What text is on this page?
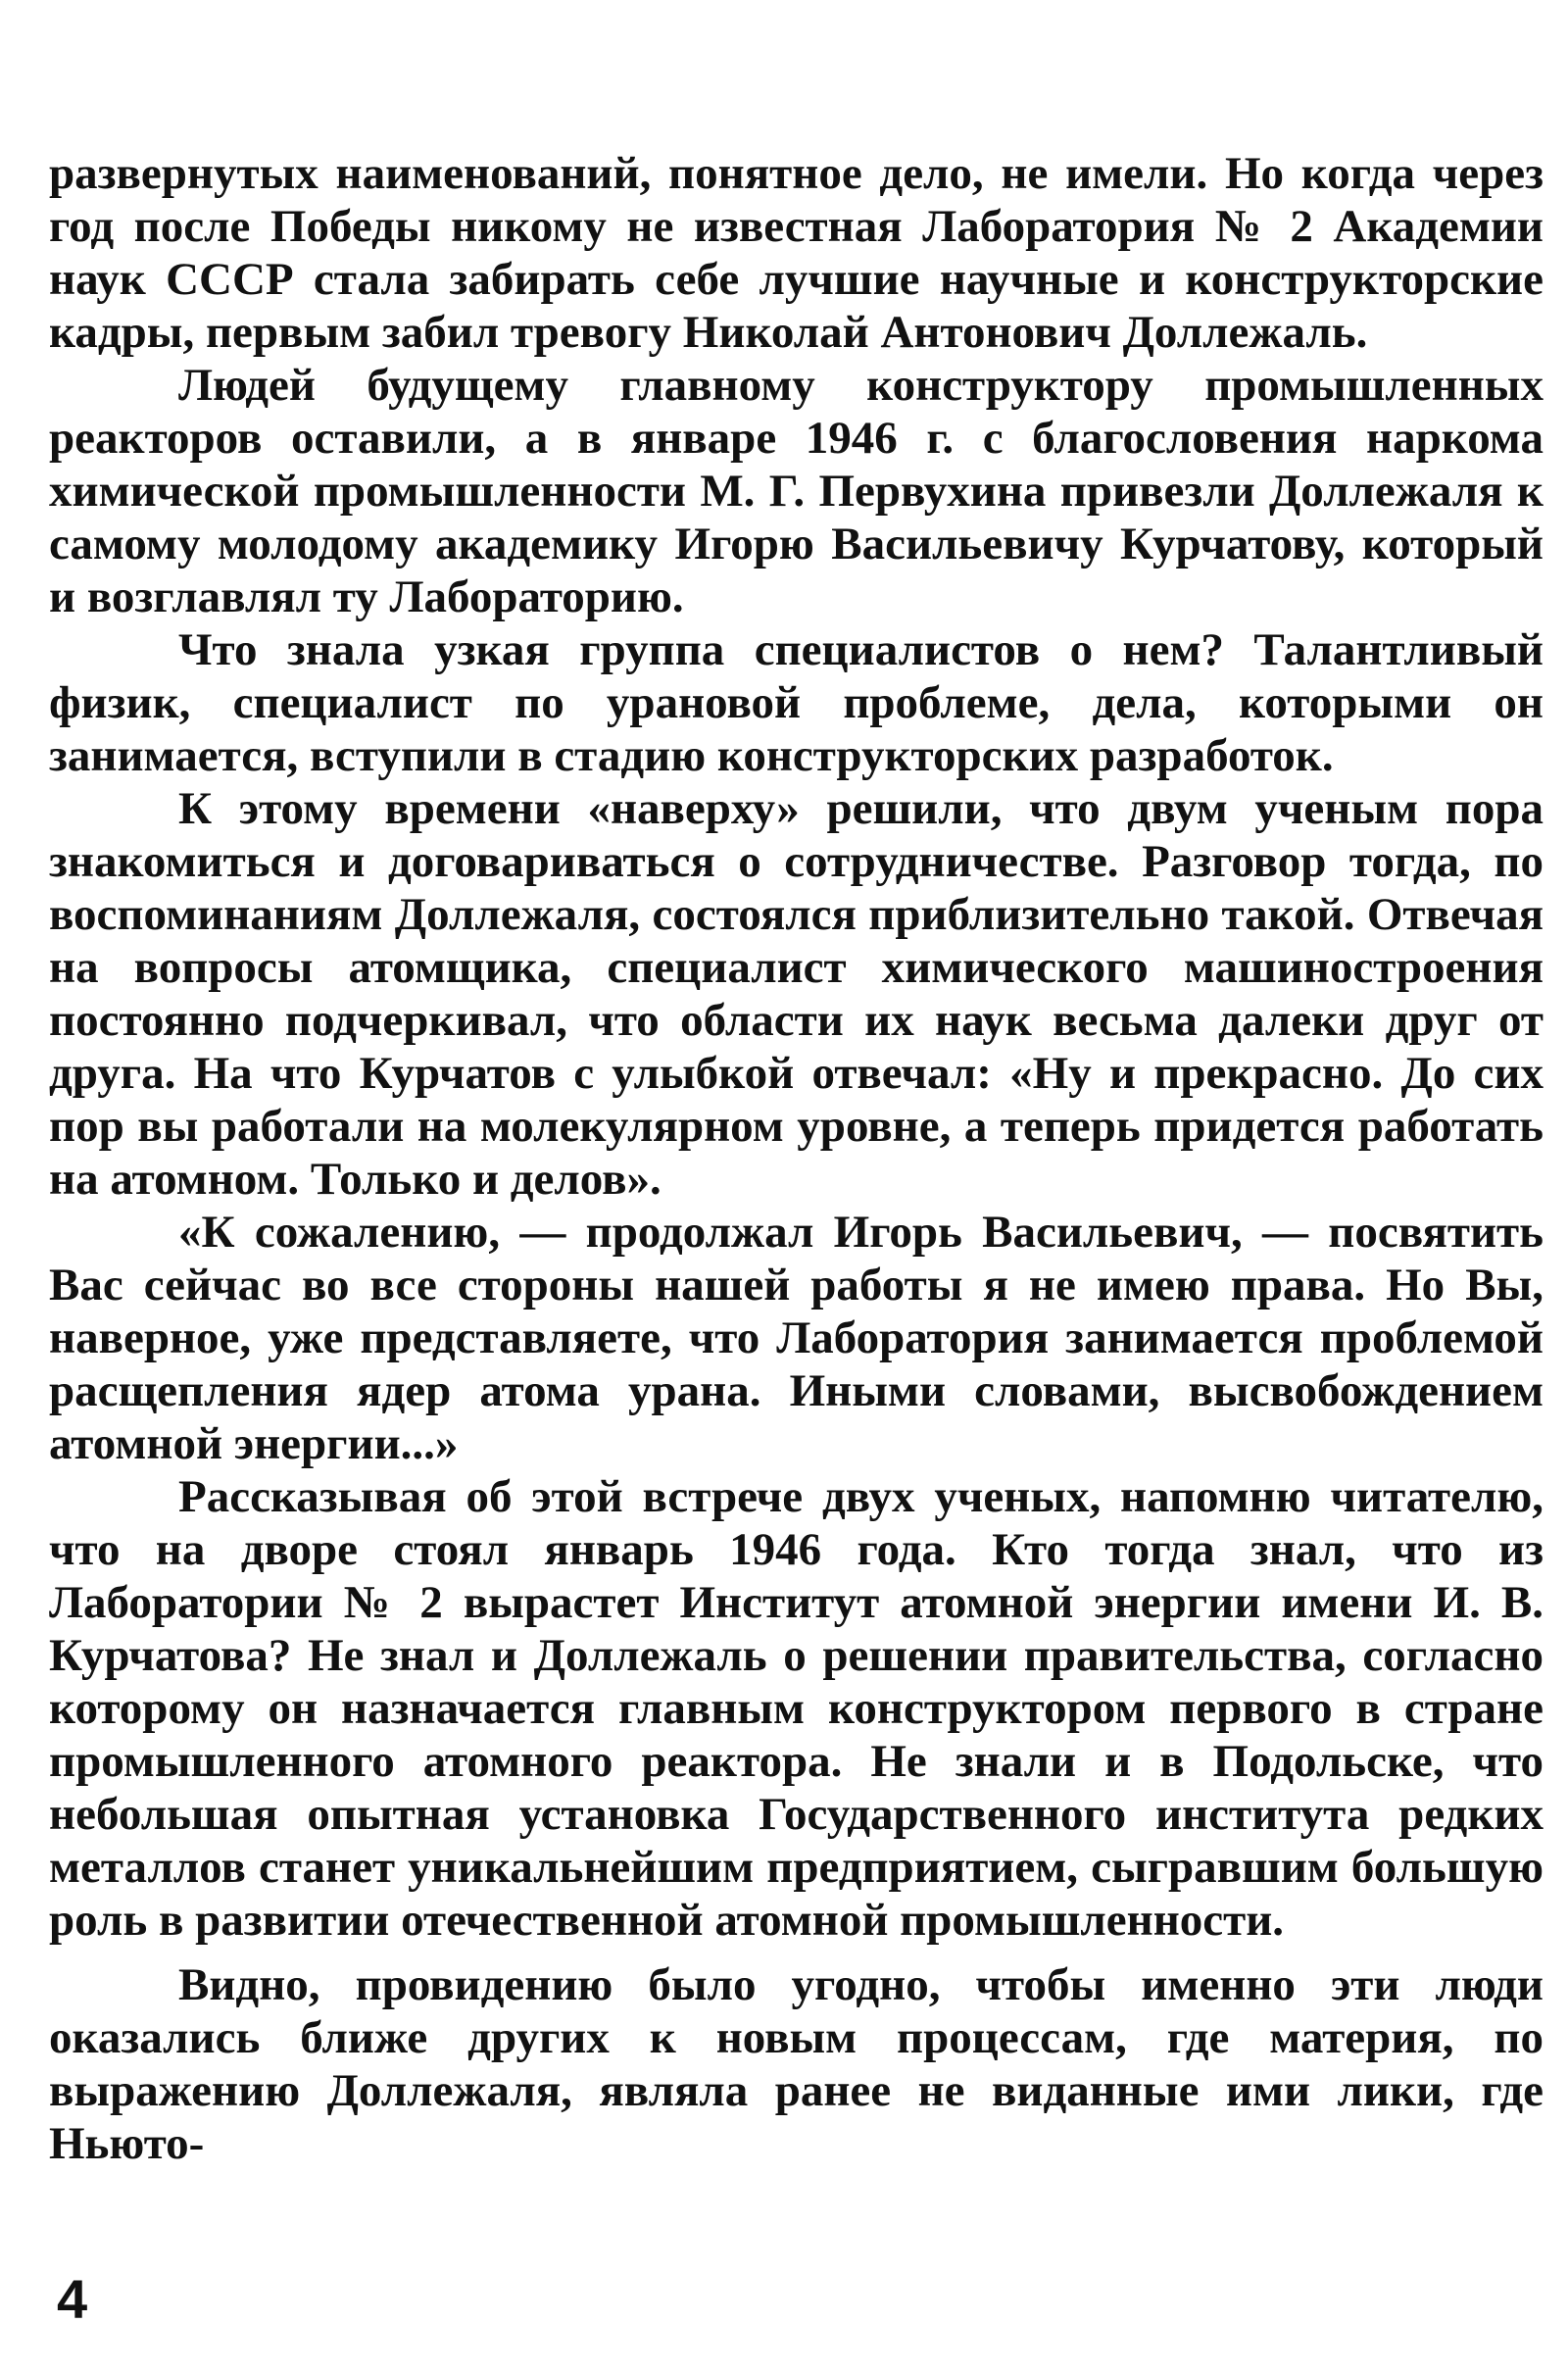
развернутых наименований, понятное дело, не имели. Но когда через год после Победы никому не известная Лаборатория № 2 Академии наук СССР стала забирать себе лучшие научные и конструкторские кадры, первым забил тревогу Николай Антонович Доллежаль.

Людей будущему главному конструктору промышленных реакторов оставили, а в январе 1946 г. с благословения наркома химической промышленности М. Г. Первухина привезли Доллежаля к самому молодому академику Игорю Васильевичу Курчатову, который и возглавлял ту Лабораторию.

Что знала узкая группа специалистов о нем? Талантливый физик, специалист по урановой проблеме, дела, которыми он занимается, вступили в стадию конструкторских разработок.

К этому времени «наверху» решили, что двум ученым пора знакомиться и договариваться о сотрудничестве. Разговор тогда, по воспоминаниям Доллежаля, состоялся приблизительно такой. Отвечая на вопросы атомщика, специалист химического машиностроения постоянно подчеркивал, что области их наук весьма далеки друг от друга. На что Курчатов с улыбкой отвечал: «Ну и прекрасно. До сих пор вы работали на молекулярном уровне, а теперь придется работать на атомном. Только и делов».

«К сожалению, — продолжал Игорь Васильевич, — посвятить Вас сейчас во все стороны нашей работы я не имею права. Но Вы, наверное, уже представляете, что Лаборатория занимается проблемой расщепления ядер атома урана. Иными словами, высвобождением атомной энергии...»

Рассказывая об этой встрече двух ученых, напомню читателю, что на дворе стоял январь 1946 года. Кто тогда знал, что из Лаборатории № 2 вырастет Институт атомной энергии имени И. В. Курчатова? Не знал и Доллежаль о решении правительства, согласно которому он назначается главным конструктором первого в стране промышленного атомного реактора. Не знали и в Подольске, что небольшая опытная установка Государственного института редких металлов станет уникальнейшим предприятием, сыгравшим большую роль в развитии отечественной атомной промышленности.

Видно, провидению было угодно, чтобы именно эти люди оказались ближе других к новым процессам, где материя, по выражению Доллежаля, являла ранее не виданные ими лики, где Ньюто-

4
